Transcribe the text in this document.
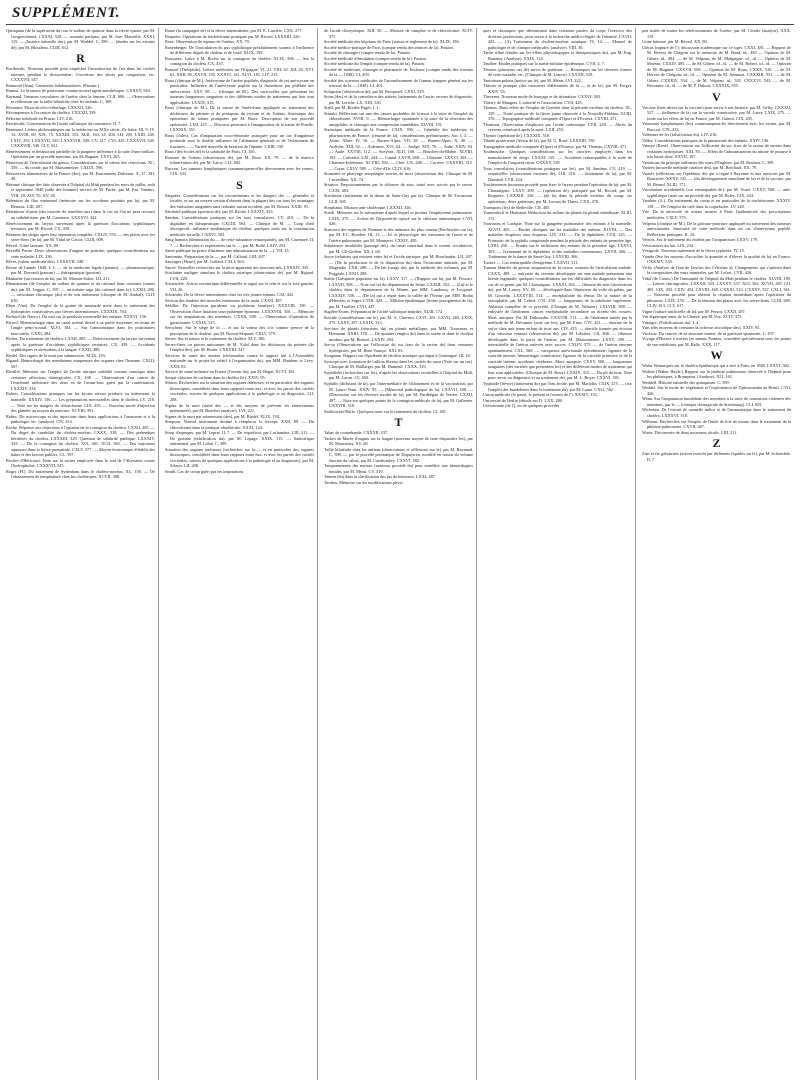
SUPPLÉMENT.

Quinquina (de la supériorité du) sur le sulfate de quinine dans la fièvre quarte, par M. Gosgerichmed, CXXXI, 528. — romarin parfums, par M. Sue, Marseille, XXXI, 115. — (histoire naturelle des), par M. Weddel, C, 399. — (études sur les extraits de), par M. Bloudeau, CLIII, 612.

R

Raciborski. Nouveau procédé pour empêcher l'introduction de l'air dans les cavités internes pendant la thoracentèse; l'ouverture des abcès par congestion, etc. CXXXVII, 547.

Raimond (Jean). Camaretes hebdomadaires. (Passim.)

Ramon. Le bromure de potassium comme nouvel agent anesthésique. CXXXV, 540.

Raynaud. Tumeurs vasculaires de l'urètre chez la femme. CLII, 606. — Observations et réflexions sur la taille bilatérale chez les enfants. C, 399.

Récamier. Elixir alcolico-fébrifuge. LXXXII, 326.

Récompenses à l'occasion du choléra. CXXXII, 339.

Réforme médicale en Prusse. LIV, 216.

Reichwald. Concentration de l'acide sulfurique du commerce. II, 7.

Renouard. Lettres philosophiques sur la médecine au XIXe siècle, IIe lettre. III, 9. IV, 13. XVIII, 69. XIX, 75. XXXIII, 153. XLII, 163. LI, 204. LII, 205. LXIII, 249. LXIV, 253. LXXXVII, 345. LXXXVIII, 349. CV, 417. CVI, 425. CXXXVII, 545. CXXXVIII, 549. CLV, 621.

Renversement et destruction partielle de la paupière inférieure à la suite d'une brûlure. Opération par un procédé nouveau, par M. Baguier. LXVI, 263.

Résection de l'articulation du genou. Considérations sur la valeur des résections. XC, 359. — du coude, par M. Maisonneuve. CXLIX, 596.

Ressources alimentaires de la France (des), par M. Fauconneau Dufresne. X, 37. XII, 49.

Résumé clinique des faits observés à l'hôpital du Midi pendant les mois de juillet, août et septembre 1848 (salle des femmes) service de M. Puche, par M. Em. Vanderr. VIII, 29. XIV, 55. XV, 58.

Rétention du flux menstruel (mémoire sur les accidents produits par la), par M. Bernutz. LIII, 207.

Rétentions d'urine (des moyens de remédier aux) dans le cas où l'on ne peut recourir au cathétérisme, par M. Cazenave. LXXXVI, 342.

Rétrécissement du larynx survenant après la guérison d'accidents syphilitiques tertiaires, par M. Ricord. CX, 439.

Réunion des doigts après leur séparation complète. CXLIV, 576. — des plaies avec les serre-fines (de la), par M. Vidal de Cassis. CLIII, 609.

Réveil. Urine laiteuse. XX, 80.

Reveillé Parise. Deux observations d'angine de poitrine; quelques considérations sur cette maladie. LIX, 236.

Rêves (valeur médicale des). LXXXVII, 348.

Revue de l'année 1848. I, 1. — de la médecine légale (passim). — pharmaceutique, par M. Dorvault (passim) — thérapeutique (passim).

Rhubarbe (succession de la), par M. Marsan-Solon. LII, 211.

Rhumatisme (de l'emploi du sulfate de quinine et du calomel dans certaines formes du), par M. Legger, C, 397. — articulaire aigu (du calomel dans le). LXXII, 290. — articulaire chronique (du) et de son traitement (clinique de M. Andral). CLII, 610.

Rhyn (Van). De l'emploi de la graine de moutarde noire dans le traitement des hydropisies consécutives aux fièvres intermittentes. CXXXIX, 554.

Richard (de Nancy). Du mot sur la paralysie essentielle des enfants. XXXVI, 156.

Ricord. Blennorrhagie dans un canal urétral divisé à sa partie moyenne, en avant de l'angle péno-scrotal. XLVI, 184. — Sur l'ammoniaque dans les poitrinaires mercuriels. CXXI, 484.

Richet. Du traitement du choléra. LXXII, 285. — Rétrécissement du larynx survenant après la guérison d'accidents syphilitiques tertiaires. CX, 439. — Accidents syphilitiques et ulcérations à la langue. CXXII, 489.

Riedel. Des signes de la mort par submersion. XLIX, 193.

Rigaud. Hémorrhagie des membranes muqueuses des organes chez l'homme. CXLII, 567.

Rivallié. Mémoire sur l'emploi de l'acide nitrique solidifié comme caustique dans certaines affections chirurgicales. CX, 438. — Observations d'un cancer de l'extrémité inférieure des deux os de l'avant-bras guéri par la cautérisation. LXXXIV, 334.

Robert. Considérations pratiques sur les kystes séreux produits ou intéressant la mamelle. XXXIV, 136. — Les préparations mercurielles dans le choléra. LV, 218. — Note sur les dangers du chloroforme. LIX, 455. — Nouveau mode d'injection des glandes au moyen du mercure. XCVIII, 391.

Robin. Du microscope et des injections dans leurs applications à l'anatomie et à la pathologie. etc. (analyse). CIV, 414.

Roche. Réponse aux objections à l'opinion de la contagion du choléra. CXXII, 485. — Du degré de curabilité du choléra-morbus. LXXX, 318. — Des prétendues héritières du choléra. LXXXIII, 329. Question de salubrité publique. LXXXIV, 333. — De la contagion du choléra. XCI, 361. XCII, 365. — Des injections aqueuses dans la fièvre puerpérale. CXLV, 577. — Moyen économique d'établir des bains et des lavoirs publics. CL, 597.

Roches d'Héricourt. Note sur la racine employée dans le sud de l'Abyssinie contre l'hydrophobie. CXXXVII, 545.

Roger (H.). Du traitement de Sydenham dans le choléra-morbus. XL, 158. — De l'abaissement de température chez les cholériques. XCVII, 388.

Rome (la campagne de) et la fièvre intermittente, par M. E. Carrière. LXX, 277.

Roquette. Opérations de trachéotomie pratiquée par M. Ricord. LXXXIII, 326.

Rose. Observation de rupture de l'utérus. XX, 79.

Rosenberger. De l'inoculation du pus syphilitique préalablement soumis à l'influence de différents degrés de chaleur et de froid. XLIX, 195.

Rousseau. Lettre à M. Roche sur la contagion du choléra. XCIX, 396. — Sur la contagion du choléra. CX, 437.

Roussel (Théophile). Lettres médicales sur l'Espagne. VI, 21. VIII, 32. XII, 45. XVI, 61. XXII, 85. XXVII, 105. XXXVI, 141. XLVI, 181. LIV, 215.

Roux (clinique de M.). Anévrysme de l'artère poplitée; diagnostic de cet anévrysme en particulier. Influence de l'anévrysme poplité sur la thrombose par phlébite des anévrysmes. XXV, 98. — (clinique de M.). Des varicocèles que présentent les tumeurs fongueuses sanguines et des différents modes de traitement qui leur sont applicables. LXXIX, 315.

Roux (clinique de M.). De la suture de l'anévrisme appliquée au traitement des déchirures du périnée et de prolapsus du rectum et de l'utérus. Statistique des opérations de suture pratiquées par M. Roux. Description de son procédé opératoire. LXII, 247. — Discours prononcé à l'inauguration de la statue de Pinelle. LXXXIX, 351.

Roux (Jules). Cas d'amputation coxo-fémorale pratiquée pour un cas d'anguleuse profonde sous le double influence de l'aliénation générale et de l'éclatement de fractures... — Variété nouvelle de luxation de l'épaule. CXIII, 150.

Roux (des écoles de) et la salubrité de Paris. CI, 401.

Rousure de l'utérus (observation de), par M. Rose. XX. 79. — de la matrice (observation de), par M. Laloy. CLI, 602.

Rucceri. Les tumeurs lymphatiques communiquent-elles directement avec les veines. CIX, 433.

S

Saignées. Considérations sur les inconvénients et les dangers des — générales et locales, et sur un moyen certain d'obtenir dans la plupart des cas tous les avantages des émissions sanguines sans redouter aucun accident, par M. Brisset. XXIII, 91.

Salubrité publique (question de), par M. Roche. LXXXIV, 333.

Sandras. Considérations pratiques sur les toux convulsives. CV, 419. — De la digitaline en thérapeutique. CXLIII, 563. — Clinique de M. — Coup d'œil rétrospectif; influence épidémique du choléra; quelques mots sur la constitution médicale actuelle. CXXVI, 502.

Sang humain (diminution du — de cette substance remarquable), par M. Cazenave. II, 7. — Recherches et expériences sur le —, par M. Rollé. LXIV, 253.

Santé publique (urgence d'instituer une administration de la —). VII, 25.

Santonine. Préparation de la —, par M. Calloud. LIII, 207.

Sauvages (Henri), par M. Gaffard. CXLI, 563.

Sauvé. Nouvelles recherches sur la mort apparente des nouveau-nés. LXXXIV, 335.

Scarlatine maligne simulant le choléra asiatique (observation de), par M. Rigaud. LVII, 228.

Schaeufele. Action excentrique différentielle et aiguë sur le rein et sur le foie gauche. VII, 26.

Schneider. De la fièvre intermittente chez les très jeunes enfants. CXI, 443.

Section des tendons des muscles extenseurs de la main. CXXII, 487.

Sédillot. De l'injection purulente ou pyohémie (analyse). XXXVIII, 150. — Observation d'une luxation sous-pubienne épineuse. LXXXVIII, 350. — Mémoire sur les amputations des membres. CXXII, 500. — Observation d'opération de gastrotomie. CXXIX, 515.

Seeschein. Sur le siège de la — et sur la valeur des cris comme preuve de la perception de la douleur, par M. Brown-Séquard. CXLV, 579.

Serres. Sur la nature et le traitement du choléra. XLV, 180.

Serres-fines ou pinces unissantes de M. Vidal dans les déchirures du périnée (de l'emploi des), par M. Boulu. CXXVIII, 547.

Services de santé des armées (réclamation contre le rapport fait à l'Assemblée nationale sur le projet-loi relatif à l'organisation du), par MM. Baudens et Lévy. XXII, 83.

Service de santé militaire en France (l'avenir du), par M. Bégin. XCVI, 381.

Sesqui-chlorure de carbone dans le choléra (le). XXIV, 95.

Sibson. Recherches sur la situation des organes intérieurs, et en particulier des organes thoraciques, considérés dans leurs rapports entre eux, et avec les parois des cavités viscérales, suivies de quelques applications à la pathologie et au diagnostic. LII, 208.

Signes de la mort (traité des — et des moyens de prévenir les enterrements prématurés), par M. Bouchut (analyse). LVI, 221.

Signes de la mort par submersion (des), par M. Riedel. XLIX, 193.

Simpson. Nouvel instrument destiné à remplacer le forceps. XXII, 89. — Du chloroforme dans la pratique obstétricale. XXXI, 124.

Sirop d'asperges, par M. Leprat. II, 7. — De roquelicot, par Lachambre. LIII, 211. — De gomme (falsification du), par M. Lepage. XXIX, 115. — Sudorifique antimonial, par M. Labat. C, 399.

Situation des organes intérieurs (recherches sur la — et en particulier des organes thoraciques, considérés dans leurs rapports entre eux, et avec les parois des cavités viscérales, suivies de quelques applications à la pathologie et au diagnostic), par M. Sibson. LII, 208.

Smith. Cas de croup guéri par les inspirations

de l'acide chlorydrique. XIII, 50. — Mixture de camphre et de chloroforme. XCIV, 375.

Société médicale des hôpitaux de Paris (statuts et règlement de la). XLIX, 196.

Société médico-pratique de Paris (compte rendu des séances de la). Passim.

Société de chirurgie (compte-rendu de la). Passim.

Société médicale d'émulation (compte-rendu de la). Passim.

Société médicale du Temple (compte-rendu de la). Passim.

Société de médecine, chirurgie et pharmacie de Toulouse (compte rendu des travaux de la — 1848). CI, 403.

Société des sciences médicales de l'arrondissement de Gannat (rapport général sur les travaux de la — 1848). CI, 401.

Solupsion (observation de), par M. Becquerel. CXXI, 519.

Soins (des) et de la convulsion des artères; battements de l'aorte; erreurs de diagnostic, par M. Leriche. LX. XIII, 330.

Stahl, par M. Bordes Pagès. I, 1.

Stanski. Réflexions sur une des causes probables de la mort à la suite de l'emploi du chloroforme. XVIII, 0. — Hémorrhagie spontanée à la suite de la résection des amygdales, et chirurgie une compression immédiate. XLVIII, 191.

Statistique médicale de la France. CXIX, 396. — Générale des médecins et pharmaciens de France. (résumé de la); considérations préliminaires; Ain. I, 3. — Aisne, Allier. IV, 16. — Basses-Alpes. VII, 28. — Hautes-Alpes. X, 40. — Ardèche. XIII, 52. — Ardennes. XVI, 64. — Ariège. XIX, 76. — Aube. XXIV, 94. — Aude. XXVIII, 112. — Aveyron. XLII, 168. — Bouches-du-Rhône. XLVIII, 192. — Calvados. LXI, 244. — Cantal. LXVII, 268. — Charente. LXXVI, 304. — Charente-Inférieure. XCVIII, 392. — Cher. CX, 440. — Corrèze. CXXVIII, 512. — Corse. CXLV, 580. — Côte-d'Or. CLIV, 616.

Stomatite et pharynge œsophagite suivies de mort (observation de). Clinique de M. Cruveilhier. XX, 74.

Stratton. Empoisonnement par le chlorure de zinc, traité avec succès par le savon. CXXI, 483.

Strichnine (traitement de la danse de Saint-Guy par la). Clinique de M. Trousseau. CLII, 605.

Strophanti. Mixture anti-cholérique. LXXXII, 326.

Sirédi. Mémoire sur le mécanisme d'après lequel se produit l'emphysème pulmonaire. LXIX, 275. — Action de l'hypostérile opiacé sur le chlorure antimonique. CVII, 426.

Structure des organes de l'homme et des animaux les plus connus (Recherches sur la), par M. F.C. Bourlier. III, 11. — Id. et physiologie des vaisseaux de l'aorte et de l'artère pulmonaire, par M. Monneret. CXXIV, 495.

Substances insolubles (passage des), du canal intestinal dans le torrent circulatoire, par M. CE-Gerlien. XX, I, 66.

Sucre (relations qui existent entre le) et l'acide tartrique, par M. Bouchardat. LII, 207. — (De la production et de la disparition du) dans l'économie animale, par M. Magendie. LXII, 288. — De lait (usage du), par la méthode des volumes, par M. Poggiale. LXXII, 288.

Suette (Laruption populaire sur la). LXXV, 317. — (Rapport sur la), par M. Foucart. LXXVII, 308. — Note sur la) du département de Seine. LXXIII, 352. — (La) et le choléra dans le département de la Marne, par MM. Landouzy et Lecginal. LXXXIV, 336. — (De la) qui a régné dans la vallée de l'Yonne, par MM. Bodin d'Hercher et Saget. CVIII, 429. — Miliaire épidémique (forme prurigineuse de la), par M. Tauffier. CVII, 427.

Sugden-Evans. Préparation de l'acide sulfurique anhydre. XLIII, 172.

Suicide (considérations sur le), par M. A. Chereau. LXVI, 261. LXVII, 265. LXIX, 275. LXXV, 297. LXXIX, 313.

Sur-face de plomb (réactions du) en plomb métallique, par MM. Trousseau et Hermann. XXIII, 178. — De quinine (emploi du) dans la suette et dans le choléra morbus, par M. Buissot. LXXIV, 294.

Sur-sa (Observations sur l'efficacité du sur frais de la racine de) dans certaines hydropisies, par M. René Vauoye. XXI, 83.

Swagman. Rapport sur l'épidémie de choléra asiatique qui règne à Groningue. III, 10.

Synocpe avec formation de caillots fibreux dans les cavités du cœur (Note sur un cas). Clinique de M. Baillarger, par M. Dumenil. CXXX, 319.

Syphilides (recherches sur les), d'après les observations recueillies à l'hôpital du Midi, par M. Lacun. LV, 260.

Syphilis (diffusion de la), par l'intermédiaire de l'allaitement et de la vaccination, par M. Lauro-Viani. XXIV, 95. — (Mémorial pathologique de la). CXXVII, 508. — (Discussion sur les diverses modes de la), par M. Pardhégau de Verrier. CXXII, 487. — Note sur quelques points de la contagion médicale de la), par M. Gallemer. CXXVIII, 510.

Szalkowski-Rulfo. Quelques mots sur le traitement du choléra. CI, 401.

T

Tabac de contrebande. CXXXII, 537.

Taches de Marée d'organs sur la langue (nouveau moyen de faire disparaître les), par M. Mauvinlay. XV, 60.

Taille bilatérale chez les enfants (observations et réflexions sur la), par M. Raynaud. C, 399. — par le procédé prostatique de Dupuytren, modifié en raison du volume énorme du calcul, par M. Cazalvaubry. CXXVI, 502.

Tamponnement des narines (nouveau procédé du) pour remédier aux hémorrhagies nasales, par M. Mérat. CV, 419.

Tannin (du) dans la clarification des jus de betterave. LXXI, 287.

Tardieu. Mémoire sur les modifications physi-

ques et chimiques que déterminent dans certaines parties du corps l'exercice des diverses professions, pour servir à la recherche médico-légale de l'identité. CXVII, 435. — (A) Traitement du choléra-morbus asiatique. IV, 14. — Manuel de pathologie et de clinique médicales. (analyse). VIII, 30.

Tartre stibié (études sur les effets physiologiques et thérapeutiques du), par M. Eug. Bonamy. (Analyse). XXIX, 114.

Tauffier. Etudes pratiques sur la suette miliaire épidémique. CVII, 4, 7.

Tétanos (plusieurs cas de) suivis de guérison. — Remarques sur les diverses formes de cette maladie, etc. (Clinique de M. Lenoir). CXXXII, 529.

Tentorium poluus (notice sur le), par M. Mérat, LVI, 222.

Théorie et pratique (des caractères différentiels de la — et de la), par M. Forget. XXIV, 93.

Thevenot. Nouveau mode de bouyage et de trituration. CXXVI, 503.

Thierry de Maugras. L'autorité et l'association. CVII, 425.

Thomas. Bons effets de l'emploi de Gondret dans la période extrême du choléra. XL, 159. — Traité pratique de la fièvre jaune observée à la Nouvelle-Orléans. XCIII, 370. — Topographie médicale comparée d'Oport et d'Evreux. CXVIII, 471.

Thomson. Observation d'asphyxie par l'acide carbonique. LVII, 228. — Abcès du cerveau consécutif après la mort. LXII, 253.

Thymie (opération de), CXXXIX, 518.

Tibiale postérieure (lésion de la), par M. G. Rozé. LXXXIII, 150.

Topographie médicale comparée d'Oport et d'Evreux, par M. Thomas. CXVIII, 471.

Toulmouche. Quelques considérations sur les ouvriers employés dans les manufactures de drogs. LXXXI, 321. — Accidents remarquables à la suite de l'emploi de l'onguent citrin. CXXXV, 539.

Toux convulsives (considérations pratiques sur les), par M. Sandras. CV, 419. — essentielles (observation curieuse de), LIII, 210. — (traitement de la), par M. Duménil. LVII, 224.

Trachéotomie (nouveau procédé pour fixer le larynx pendant l'opération de la), par M. Chassaignac. LXXV, 299. — (opération de), pratiquée par M. Ricord; par M. Roquette. LXXXIII, 326. — (de la) dans la période extrême du croup, six opérations, deux guérisons, par M. Leroux de Thiers. CXX, 478.

Transports (les) de Belleville. CII, 405.

Trummdorff et Hermann. Réduction du sulfate de plomb en plomb métallique. XLIII, 172.

Trousseau et Lasègue. Note sur la gangrène pulmonaire des enfants à la mamelle. XCVII, 405. — Études cliniques sur les maladies des enfants. XLVIII, — Des maladies éruptives sans éruption. LIV, 213. — De la diphthérie. LVII, 225. — Pronostic de la syphilis congénitale pendant la période des enfants de première âge. LXIII, 250. — Études sur le rachitisme des enfants de la première âge. LXXVI, 303. — Traitement de la diphthérie et des maladies couenneuses. LXVII, 266. — Traitement de la danse de Saint-Guy. LXXVIII, 306.

Tucker. — Cas remarquable d'empyème. LXXVII, 311.

Tumeur blanche du genou; amputation de la cuisse, examen de l'articulation malade. CXXX, 489. — enkystée du cerveau développée sur une malade présentant une hernie inguinale; quelques considérations sur les difficultés du diagnostic dans les cas de ce genre, par M. Chassaignac. LXXXI, 164. — fibreuse du sein (observation de), par M. Larrey. XV, 60. — développée dans l'épaisseur du voile du palais, par M. Gosselin. LXXXVIII, 514. — encéphaloïde du fémur. De la nature de la sarcophalie, par M. Lebert. CVI, 430. — fongueuses de la mâchoire supérieure. Ablation complète de ce procédé. (Clinique de M. Nélaton). CXLVIII, 588. — enkystée de l'abdomen; cancer encéphaloïde secondaire au niveau des ovaires. Mort, autopsie. Par M. Dubourdin. CXXVIII, 511. — de l'abdomen traitée par la méthode de M. Récamier (note sur les), par M. Fano. CVI, 421. — énorme de la vulve chez une jeune enfant de trois ans. CIV, 415. — érectile formée par érosion d'un vaisseau veineux (observation de), par M. Lebrière. CII, 408. — fibreuse développée dans la paroi de l'utérus, par M. Maisonneuve. LXXV, 299. — interstitielle de l'utérus enlevée avec succès. CXLIV, 575. — de l'utérus énorme spontanément. CXL, 560. — variqueuse anévrismale épicrânienne; ligature de la carotide interne; hémorrhagie consécutive; ligature de la carotide primitive et de la carotide interne; accidents cérébraux. Mort, autopsie. CXXV, 500. — fongueuses sanguines (des variétés que présentent les) et des différents modes de traitement qui leur sont applicables. (Clinique de M. Roux). LXXIX, 315. — Du pli du bras. Note pour servir au diagnostic et au traitement de), par M. L. Boyer. CXXVI, 501.

Typhoïde (fièvre) (traitement du) par l'eau froide, par M. Marjolin. CXIX, 475. — (sur l'emploi des bandelettes dans le traitement du), par M. Larue. CXLI, 562.

Union médicale (le passé, le présent et l'avenir de l'). XXXIV, 133.

Université de Berlin (détails sur l'). LXX, 280.

Urétrotomie (de l'), ou de quelques procédés

peu usités de traiter les rétrécissements de l'urètre, par M. Civiale (analyse). XXX, 119.

Urine laiteuse, par M. Réveil. XX, 80.

Utérus (rupture de l'); discussion académique sur ce sujet. CXXI, 481. — Rapport de M. Hervez de Chégoin sur le mémoire de M. Baud, id., 483 — Opinion de M. Gibert, id., 484. — de M. Velpeau, de M. Malgaigne. id., id. — Opinion de M. Moreau. CXXIV, 495. — de M. Gibert. id., id. — de M. Robert. id., id. — Opinion de M. Hugnier. CXXVII, 508. — Opinion de M. Roux, CXXX, 520. — de M. Hervez de Chégoin, id., id. — Opinion de M. Amussat. CXXXIII, 531. — de M. Gibert. CXXXIV, 534. — de M. Velpeau. id., 535. CXXXVI, 543. — de M. Récamier. id., id. — de M. P. Dubois. CXXXIX, 555.

V

Vaccine (faits divers sur la vaccine) pour servir à son histoire, par M. Gelby. CXXXII, 527. — (influence de la) sur la variole consécutive, par M. Larey. LXIX, 275. — (note sur les effets de la) en France, par M. Garnot. CIX, 435.

Vaisseaux lymphatiques (les) communiquent-ils directement avec les veines, par M. Rucceri. CIX, 433.

Valériane de fer (falsification du). LIV, 216.

Vallez. Considérations pratiques de la pneumonie des enfants. XXIV, 136.

Vanoye (René). Observations sur l'efficacité du suc frais de la racine de sureau dans certaines hydropisies. XXI, 83. — Effets de l'administration du nitrate de potasse à très haute dose. XXVII, 107.

Variations du principe sulfureux des eaux d'Enghien, par M. Roulant. C, 399.

Variées (nouvelle méthode curative des), par M. Bréchard. XX, 79.

Variole (réflexions sur l'épidémie de) qui a régné à Bayonne et aux environs par M. Boursolet. XXXV, 145. — (du développement simultané de la) et de la vaccine, par M. Bérard. XLIII, 171.

Vaccination accidentelle (cas remarquable de), par M. Yvaré. CXXV, 500. — anti-syphilitique (note sur un procédé de), par M. Boley. CIX, 434.

Vauthier (A.). Du traitement du croup et en particulier de la trachéotomie. XXXIV, 138. — De l'emploi du café dans la coqueluche. LV, 220.

Vée. De la nécessité de mieux assurer à Paris l'authenticité des prescriptions médicales. CXLV, 575.

Velpeau (clinique de M.). De la galvano-puncture appliquée au traitement des tumeurs anévrismales. Innocuité de cette méthode dans un cas d'anévrysme poplité. Réflexions pratiques. II, 34.

Verrois. Sur le traitement du choléra par l'acupuncture. LXXV, 179.

Vésicatoires du lait. LIX, 234.

Vésigrole. Nouveau traitement de la fièvre typhoïde. IV, 15.

Viande (Sur les moyens d'accroître la quantité et d'élever la qualité de la) en France. CXXXIV, 535.

Vichy (Analyse de l'eau de l'enclos des Célestins à). Changements qui s'opèrent dans la composition des eaux minérales, par M. Lefort. CVII, 426.

Vidal (de Cassis.) De l'immunité de l'hôpital du Midi pendant le choléra. XLVIII, 189. — Lettres chirurgicales. LXXXII, 325. LXXXV, 337. XCI, 362. XCVII, 385. CII, 405. CIX, 433. CXIV, 454. CXVIII, 469. CXXXI, 513. CXXXV, 537. CXLI, 561. — Nouveau procédé pour obtenir la réunion immédiate après l'opération du phimosis. LXIX, 276. — De la réunion des plaies avec les serres-fines. CLIII, 609. CLIV, 613. CLV, 617.

Vigne (culture artificielle de la), par M. Persoz. LXXII, 287.

Vin digestique amer de la Charité, par M. Foy. XCIV, 375.

Vinaigre. (Falsifications du). I, 4.

Vins (des moyens de constater la richesse alcoolique des). XXIV, 95.

Virchow. Du cancer; de sa structure intime; de sa guérison spontanée. L, 197.

Voyage d'Horace à travers les marais Pontins, considéré spécialement sous les points de vue médicaux, par M. Bally. XXX, 117.

W

Wahu. Remarques sur le choléra épidémique qui a sévi à Paris, en 1849. LXXVI, 302.

Walshe (Walter Hayle.) Rapport sur la phthisie pulmonaire observée à l'hôpital pour les phthisiques, à Brompton. (Analyse). XLI, 161.

Weddell. Histoire naturelle des quinquinas. C, 399.

Weddel. Sur le mode de végétation et l'exploitation de l'ipécacuanha au Brésil. CVII, 426.

Wenn. Sur l'amputation immédiate des membres à la suite de contusions violentes des membres, par le — (clinique chirurgicale de Strasbourg). CLI, 601.

Wiclemin. De l'extrait de cannelle indica et de l'ammoniaque dans le traitement du choléra. LXXXVI, 318.

Williams. Recherches sur l'emploi de l'huile de foie de morue dans le traitement de la phthisie pulmonaire. CXVII, 467.

Wurtz. Découverte de deux nouveaux alcalis. LIII, 211.

Z

Zinc et fer galvanisés (action exercée par différents liquides sur le), par M. Schrenfele. II, 7.
